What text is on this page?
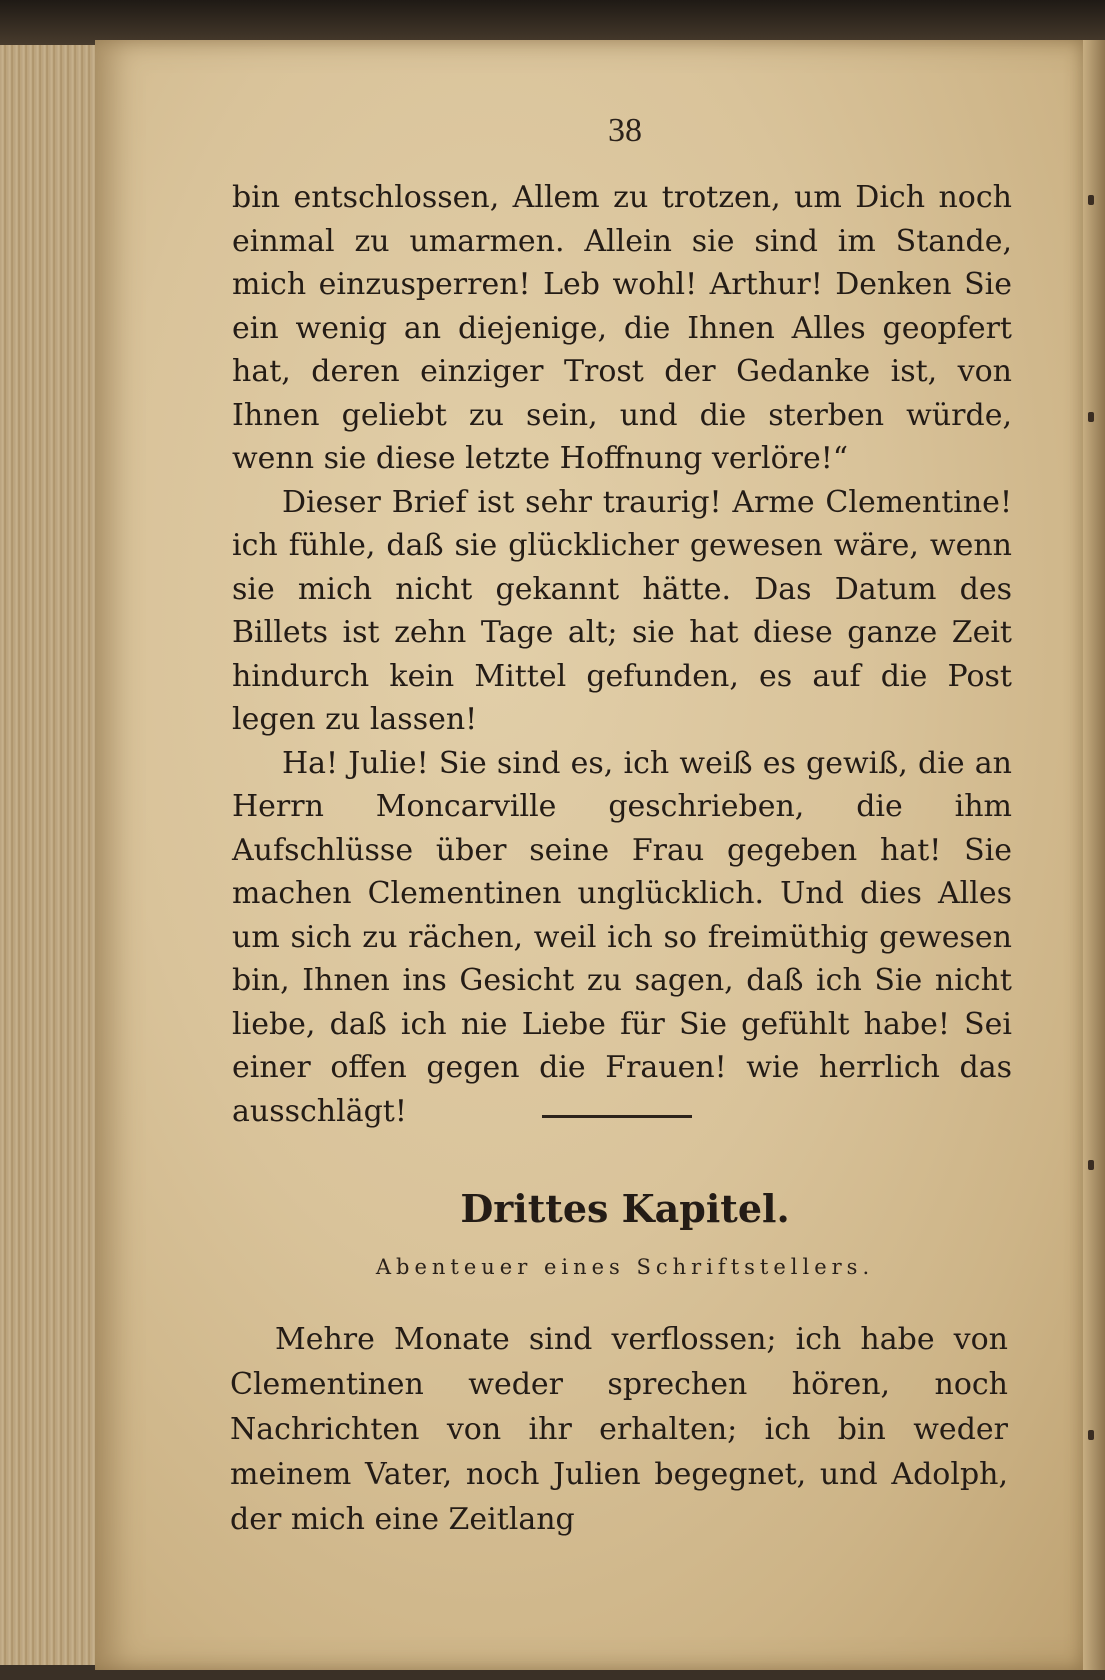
38

bin entschlossen, Allem zu trotzen, um Dich noch einmal zu umarmen. Allein sie sind im Stande, mich einzusperren! Leb wohl! Arthur! Denken Sie ein wenig an diejenige, die Ihnen Alles geopfert hat, deren einziger Trost der Gedanke ist, von Ihnen geliebt zu sein, und die sterben würde, wenn sie diese letzte Hoffnung verlöre!“

Dieser Brief ist sehr traurig! Arme Clementine! ich fühle, daß sie glücklicher gewesen wäre, wenn sie mich nicht gekannt hätte. Das Datum des Billets ist zehn Tage alt; sie hat diese ganze Zeit hindurch kein Mittel gefunden, es auf die Post legen zu lassen!

Ha! Julie! Sie sind es, ich weiß es gewiß, die an Herrn Moncarville geschrieben, die ihm Aufschlüsse über seine Frau gegeben hat! Sie machen Clementinen unglücklich. Und dies Alles um sich zu rächen, weil ich so freimüthig gewesen bin, Ihnen ins Gesicht zu sagen, daß ich Sie nicht liebe, daß ich nie Liebe für Sie gefühlt habe! Sei einer offen gegen die Frauen! wie herrlich das ausschlägt!

Drittes Kapitel.
Abenteuer eines Schriftstellers.

Mehre Monate sind verflossen; ich habe von Clementinen weder sprechen hören, noch Nachrichten von ihr erhalten; ich bin weder meinem Vater, noch Julien begegnet, und Adolph, der mich eine Zeitlang
